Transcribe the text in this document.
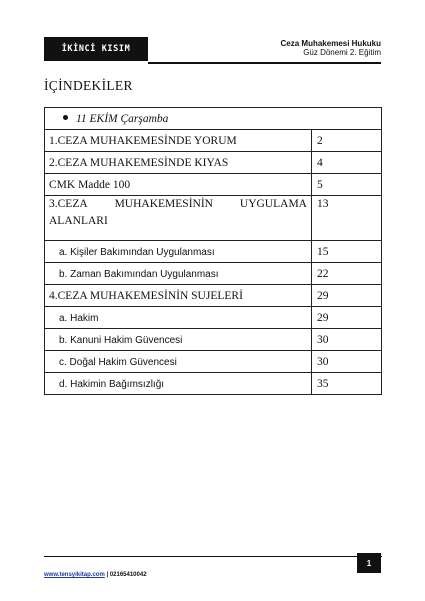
İKİNCİ KISIM
Ceza Muhakemesi Hukuku
Güz Dönemi 2. Eğitim
İÇİNDEKİLER
11 EKİM Çarşamba	
1.CEZA MUHAKEMESİNDE YORUM	2
2.CEZA MUHAKEMESİNDE KIYAS	4
CMK Madde 100	5

3.CEZA MUHAKEMESİNİN UYGULAMA
ALANLARI	13
a. Kişiler Bakımından Uygulanması	15
b. Zaman Bakımından Uygulanması	22
4.CEZA MUHAKEMESİNİN SUJELERİ	29
a. Hakim	29
b. Kanuni Hakim Güvencesi	30
c. Doğal Hakim Güvencesi	30
d. Hakimin Bağımsızlığı	35
www.tensyikitap.com | 02165410042
1
